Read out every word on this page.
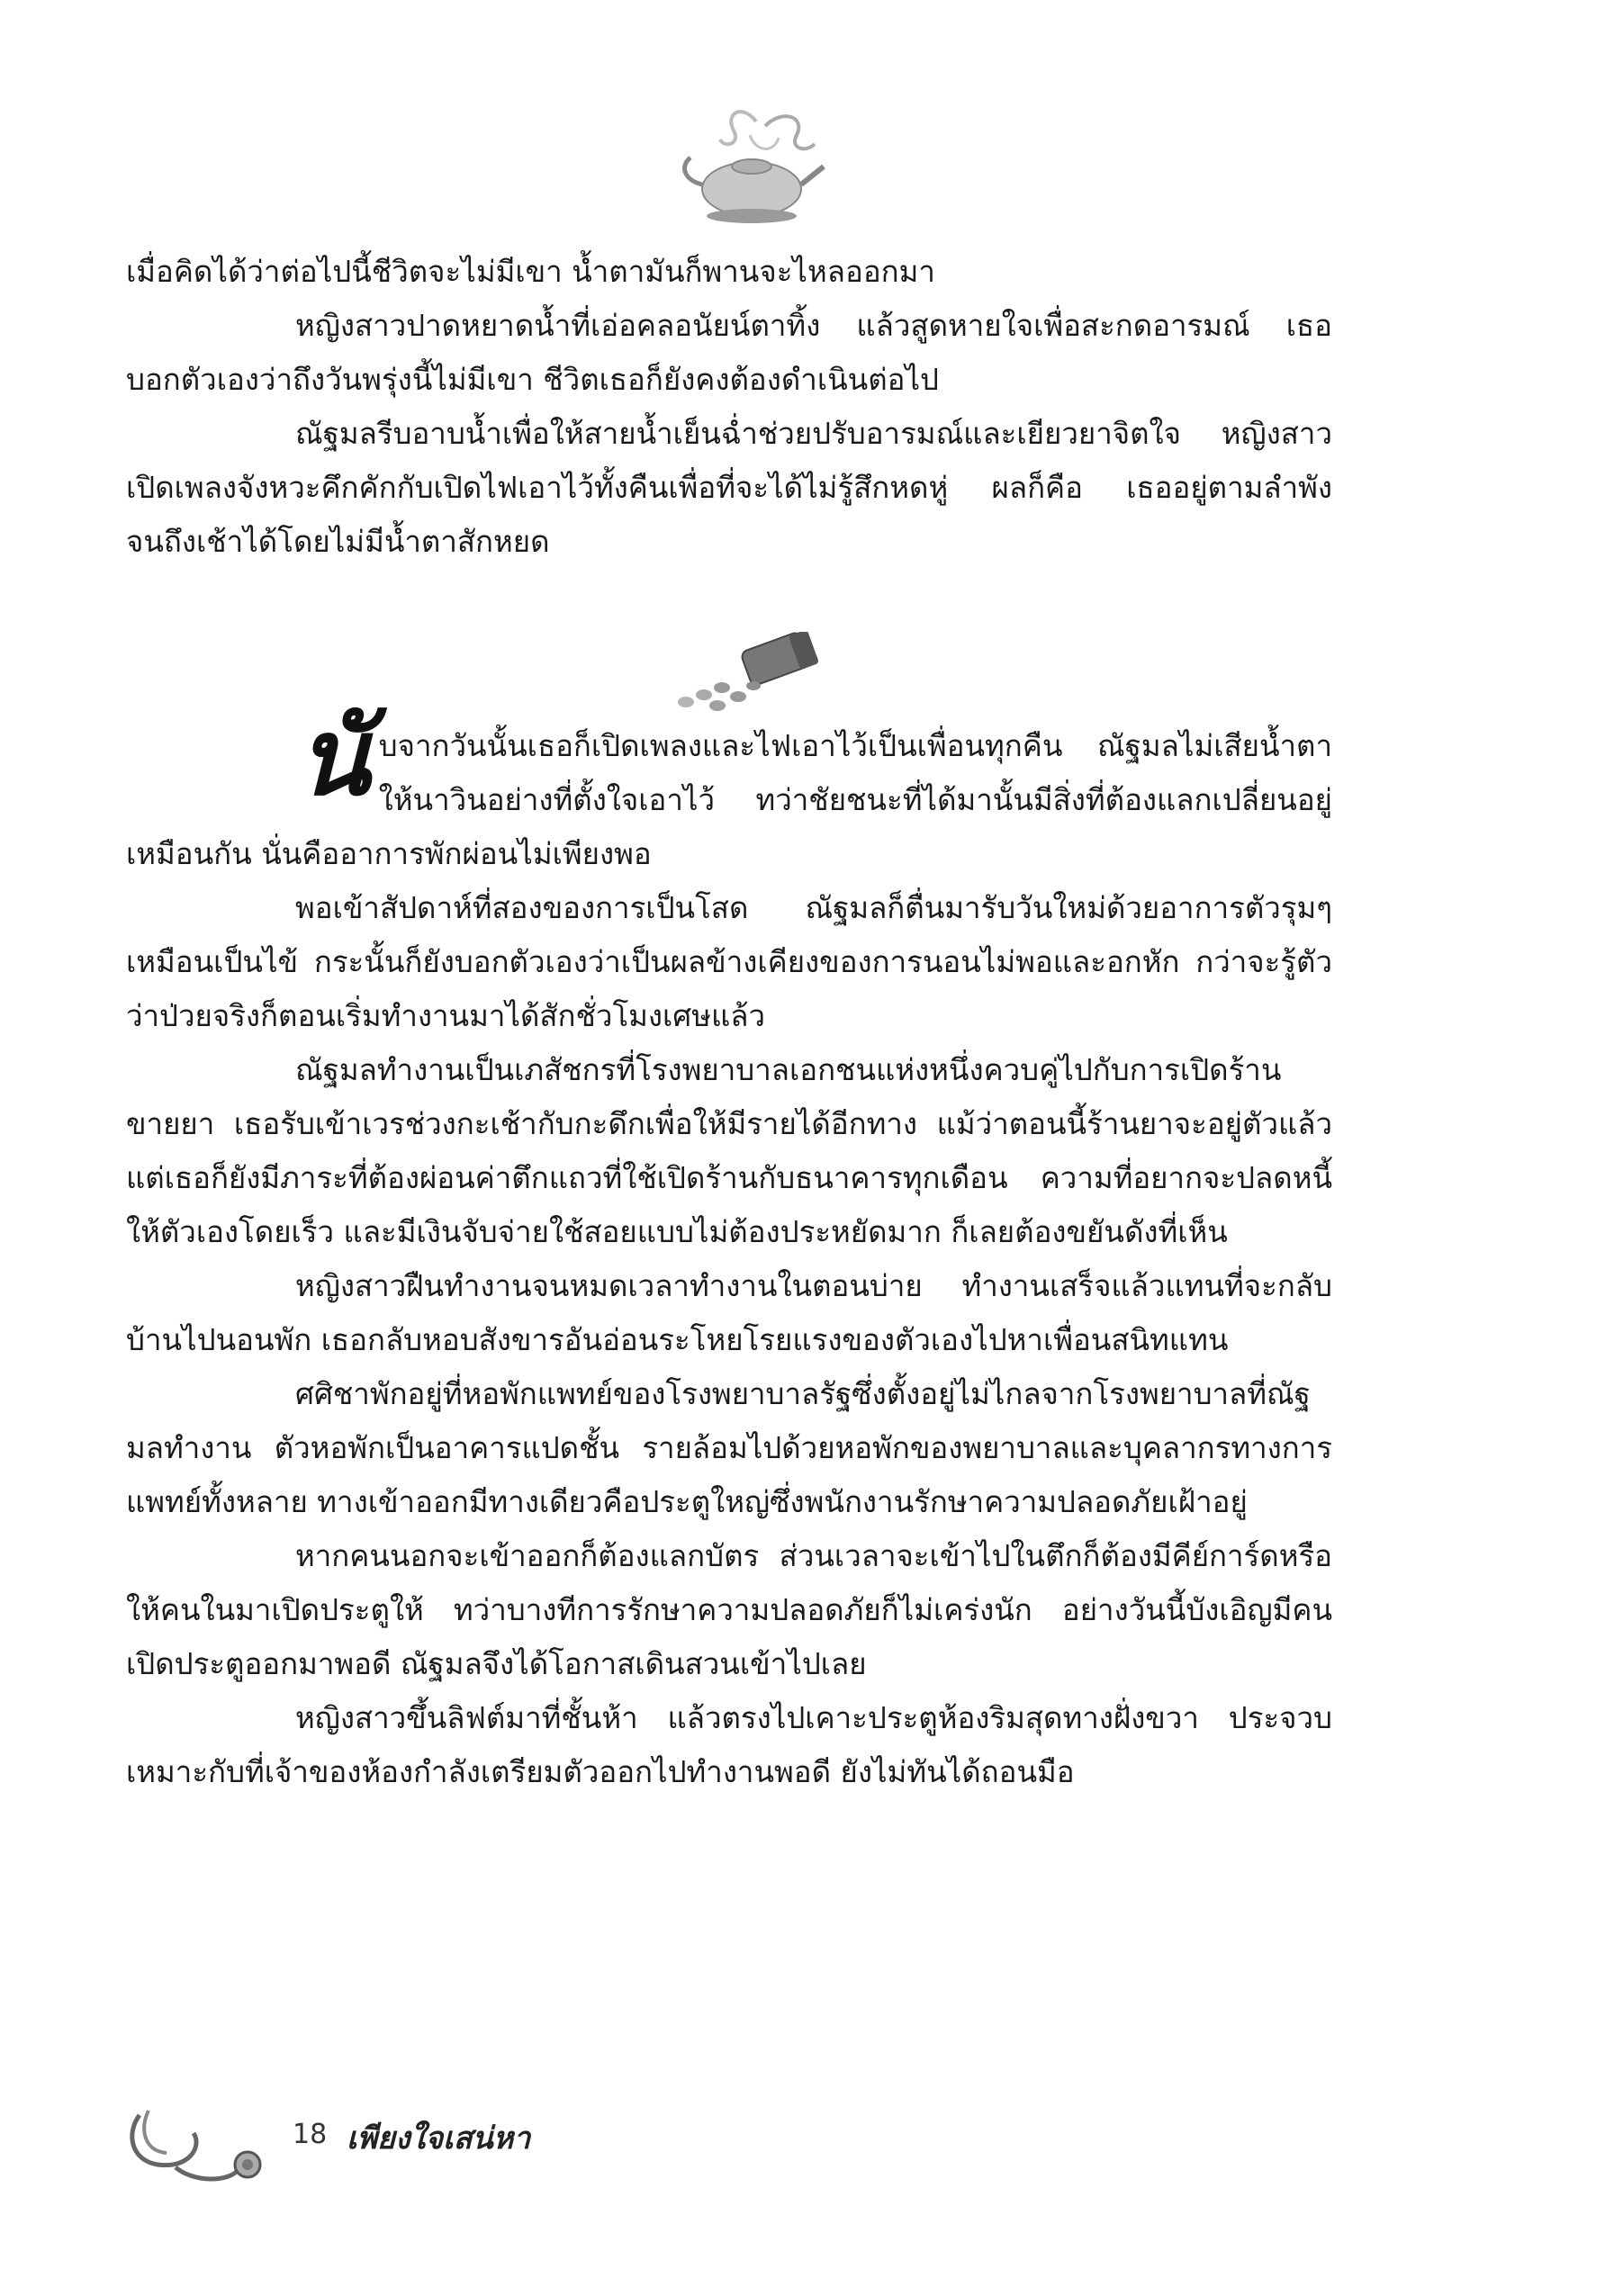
เมื่อคิดได้ว่าต่อไปนี้ชีวิตจะไม่มีเขา น้ำตามันก็พานจะไหลออกมา

หญิงสาวปาดหยาดน้ำที่เอ่อคลอนัยน์ตาทิ้ง แล้วสูดหายใจเพื่อสะกดอารมณ์ เธอบอกตัวเองว่าถึงวันพรุ่งนี้ไม่มีเขา ชีวิตเธอก็ยังคงต้องดำเนินต่อไป

ณัฐมลรีบอาบน้ำเพื่อให้สายน้ำเย็นฉ่ำช่วยปรับอารมณ์และเยียวยาจิตใจ หญิงสาวเปิดเพลงจังหวะคึกคักกับเปิดไฟเอาไว้ทั้งคืนเพื่อที่จะได้ไม่รู้สึกหดหู่ ผลก็คือ เธออยู่ตามลำพังจนถึงเช้าได้โดยไม่มีน้ำตาสักหยด

นั บจากวันนั้นเธอก็เปิดเพลงและไฟเอาไว้เป็นเพื่อนทุกคืน ณัฐมลไม่เสียน้ำตาให้นาวินอย่างที่ตั้งใจเอาไว้ ทว่าชัยชนะที่ได้มานั้นมีสิ่งที่ต้องแลกเปลี่ยนอยู่เหมือนกัน นั่นคืออาการพักผ่อนไม่เพียงพอ

พอเข้าสัปดาห์ที่สองของการเป็นโสด ณัฐมลก็ตื่นมารับวันใหม่ด้วยอาการตัวรุมๆ เหมือนเป็นไข้ กระนั้นก็ยังบอกตัวเองว่าเป็นผลข้างเคียงของการนอนไม่พอและอกหัก กว่าจะรู้ตัวว่าป่วยจริงก็ตอนเริ่มทำงานมาได้สักชั่วโมงเศษแล้ว

ณัฐมลทำงานเป็นเภสัชกรที่โรงพยาบาลเอกชนแห่งหนึ่งควบคู่ไปกับการเปิดร้านขายยา เธอรับเข้าเวรช่วงกะเช้ากับกะดึกเพื่อให้มีรายได้อีกทาง แม้ว่าตอนนี้ร้านยาจะอยู่ตัวแล้ว แต่เธอก็ยังมีภาระที่ต้องผ่อนค่าตึกแถวที่ใช้เปิดร้านกับธนาคารทุกเดือน ความที่อยากจะปลดหนี้ให้ตัวเองโดยเร็ว และมีเงินจับจ่ายใช้สอยแบบไม่ต้องประหยัดมาก ก็เลยต้องขยันดังที่เห็น

หญิงสาวฝืนทำงานจนหมดเวลาทำงานในตอนบ่าย ทำงานเสร็จแล้วแทนที่จะกลับบ้านไปนอนพัก เธอกลับหอบสังขารอันอ่อนระโหยโรยแรงของตัวเองไปหาเพื่อนสนิทแทน

ศศิชาพักอยู่ที่หอพักแพทย์ของโรงพยาบาลรัฐซึ่งตั้งอยู่ไม่ไกลจากโรงพยาบาลที่ณัฐมลทำงาน ตัวหอพักเป็นอาคารแปดชั้น รายล้อมไปด้วยหอพักของพยาบาลและบุคลากรทางการแพทย์ทั้งหลาย ทางเข้าออกมีทางเดียวคือประตูใหญ่ซึ่งพนักงานรักษาความปลอดภัยเฝ้าอยู่

หากคนนอกจะเข้าออกก็ต้องแลกบัตร ส่วนเวลาจะเข้าไปในตึกก็ต้องมีคีย์การ์ดหรือให้คนในมาเปิดประตูให้ ทว่าบางทีการรักษาความปลอดภัยก็ไม่เคร่งนัก อย่างวันนี้บังเอิญมีคนเปิดประตูออกมาพอดี ณัฐมลจึงได้โอกาสเดินสวนเข้าไปเลย

หญิงสาวขึ้นลิฟต์มาที่ชั้นห้า แล้วตรงไปเคาะประตูห้องริมสุดทางฝั่งขวา ประจวบเหมาะกับที่เจ้าของห้องกำลังเตรียมตัวออกไปทำงานพอดี ยังไม่ทันได้ถอนมือ

18 เพียงใจเสน่หา
